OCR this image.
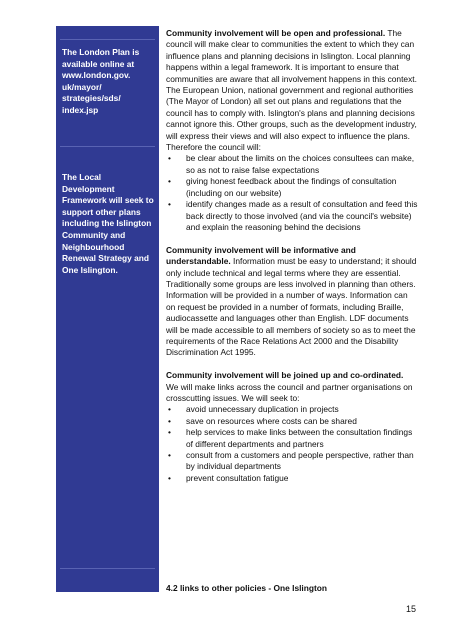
The London Plan is
available online at
www.london.gov.
uk/mayor/
strategies/sds/
index.jsp
The Local
Development
Framework will seek to
support other plans
including the Islington
Community and
Neighbourhood
Renewal Strategy and
One Islington.
Community involvement will be open and professional. The council will make clear to communities the extent to which they can influence plans and planning decisions in Islington. Local planning happens within a legal framework. It is important to ensure that communities are aware that all involvement happens in this context. The European Union, national government and regional authorities (The Mayor of London) all set out plans and regulations that the council has to comply with. Islington's plans and planning decisions cannot ignore this. Other groups, such as the development industry, will express their views and will also expect to influence the plans. Therefore the council will:
• be clear about the limits on the choices consultees can make, so as not to raise false expectations
• giving honest feedback about the findings of consultation (including on our website)
• identify changes made as a result of consultation and feed this back directly to those involved (and via the council's website) and explain the reasoning behind the decisions
Community involvement will be informative and understandable. Information must be easy to understand; it should only include technical and legal terms where they are essential. Traditionally some groups are less involved in planning than others. Information will be provided in a number of ways. Information can on request be provided in a number of formats, including Braille, audiocassette and languages other than English. LDF documents will be made accessible to all members of society so as to meet the requirements of the Race Relations Act 2000 and the Disability Discrimination Act 1995.
Community involvement will be joined up and co-ordinated. We will make links across the council and partner organisations on crosscutting issues. We will seek to:
• avoid unnecessary duplication in projects
• save on resources where costs can be shared
• help services to make links between the consultation findings of different departments and partners
• consult from a customers and people perspective, rather than by individual departments
• prevent consultation fatigue
4.2 links to other policies - One Islington
15
